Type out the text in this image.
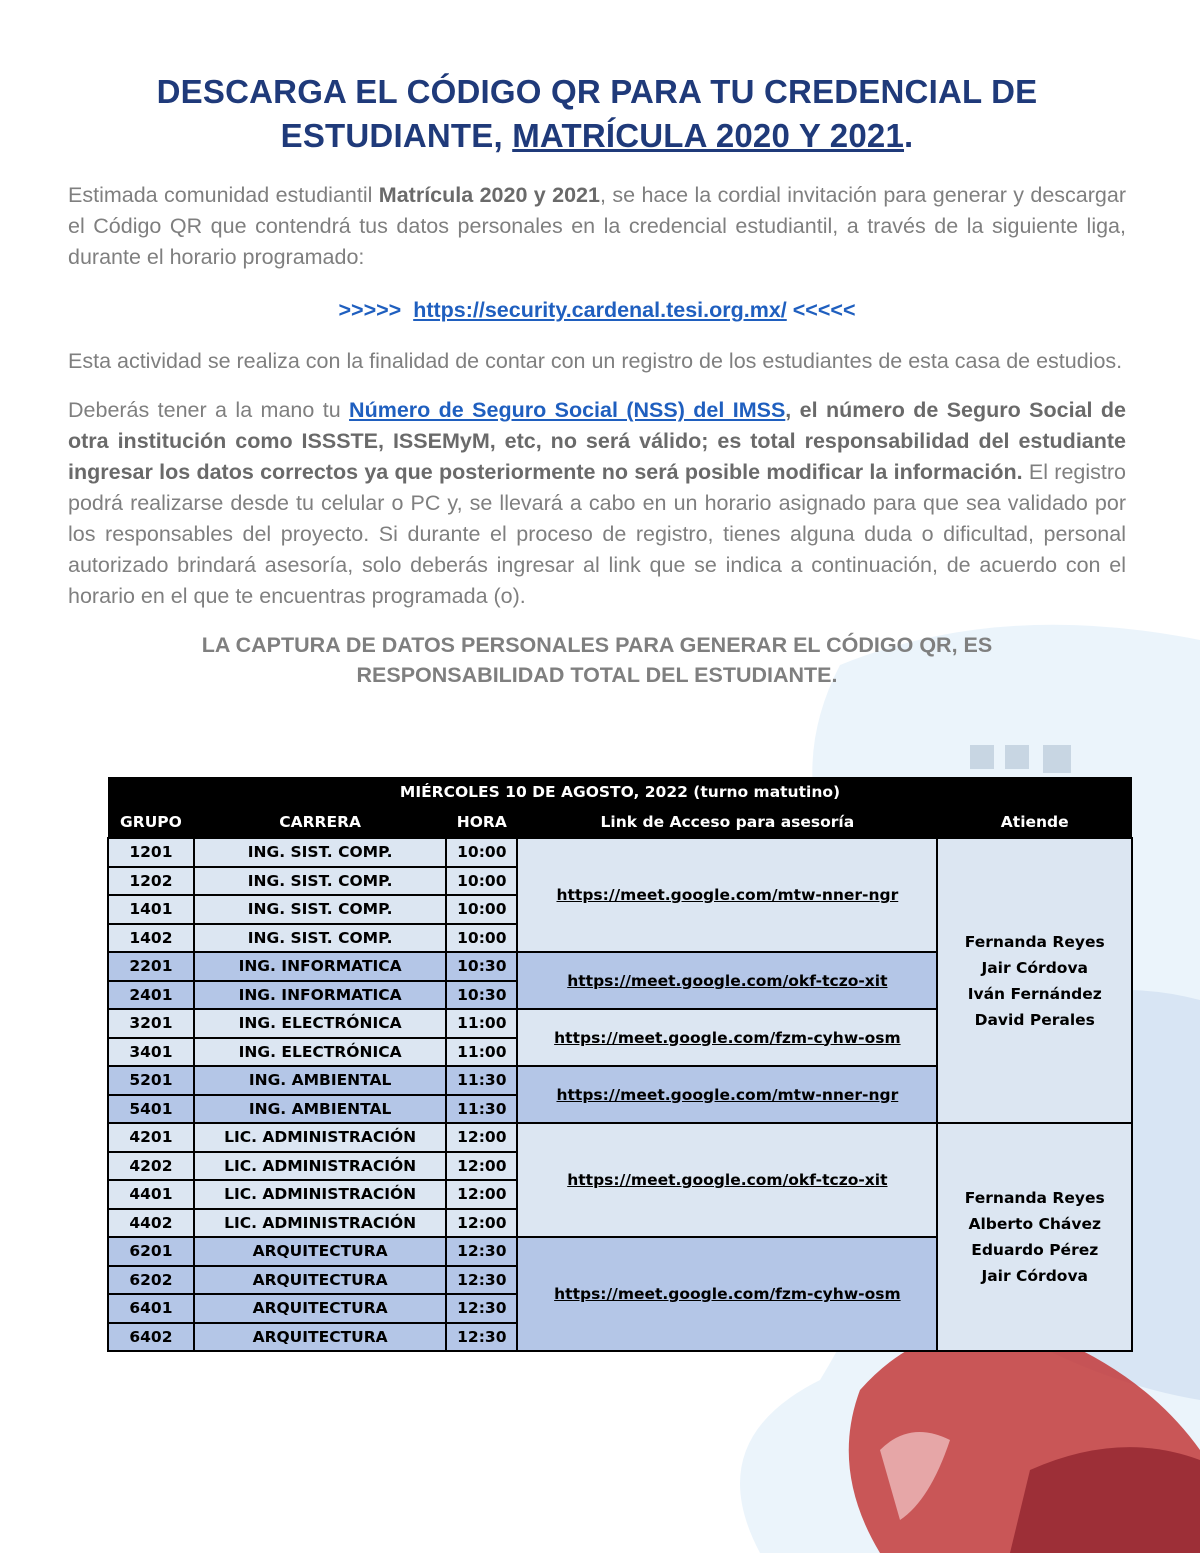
DESCARGA EL CÓDIGO QR PARA TU CREDENCIAL DE
ESTUDIANTE, MATRÍCULA 2020 Y 2021.

Estimada comunidad estudiantil Matrícula 2020 y 2021, se hace la cordial invitación para generar y descargar el Código QR que contendrá tus datos personales en la credencial estudiantil, a través de la siguiente liga, durante el horario programado:

>>>>> https://security.cardenal.tesi.org.mx/ <<<<<

Esta actividad se realiza con la finalidad de contar con un registro de los estudiantes de esta casa de estudios.

Deberás tener a la mano tu Número de Seguro Social (NSS) del IMSS, el número de Seguro Social de otra institución como ISSSTE, ISSEMyM, etc, no será válido; es total responsabilidad del estudiante ingresar los datos correctos ya que posteriormente no será posible modificar la información. El registro podrá realizarse desde tu celular o PC y, se llevará a cabo en un horario asignado para que sea validado por los responsables del proyecto. Si durante el proceso de registro, tienes alguna duda o dificultad, personal autorizado brindará asesoría, solo deberás ingresar al link que se indica a continuación, de acuerdo con el horario en el que te encuentras programada (o).

LA CAPTURA DE DATOS PERSONALES PARA GENERAR EL CÓDIGO QR, ES
RESPONSABILIDAD TOTAL DEL ESTUDIANTE.
MIÉRCOLES 10 DE AGOSTO, 2022 (turno matutino)				
GRUPO	CARRERA	HORA	Link de Acceso para asesoría	Atiende
1201	ING. SIST. COMP.	10:00	https://meet.google.com/mtw-nner-ngr	Fernanda Reyes
Jair Córdova
Iván Fernández
David Perales
1202	ING. SIST. COMP.	10:00		
1401	ING. SIST. COMP.	10:00		
1402	ING. SIST. COMP.	10:00		
2201	ING. INFORMATICA	10:30	https://meet.google.com/okf-tczo-xit	
2401	ING. INFORMATICA	10:30		
3201	ING. ELECTRÓNICA	11:00	https://meet.google.com/fzm-cyhw-osm	
3401	ING. ELECTRÓNICA	11:00		
5201	ING. AMBIENTAL	11:30	https://meet.google.com/mtw-nner-ngr	
5401	ING. AMBIENTAL	11:30		
4201	LIC. ADMINISTRACIÓN	12:00	https://meet.google.com/okf-tczo-xit	Fernanda Reyes
Alberto Chávez
Eduardo Pérez
Jair Córdova
4202	LIC. ADMINISTRACIÓN	12:00		
4401	LIC. ADMINISTRACIÓN	12:00		
4402	LIC. ADMINISTRACIÓN	12:00		
6201	ARQUITECTURA	12:30	https://meet.google.com/fzm-cyhw-osm	
6202	ARQUITECTURA	12:30		
6401	ARQUITECTURA	12:30		
6402	ARQUITECTURA	12:30		
